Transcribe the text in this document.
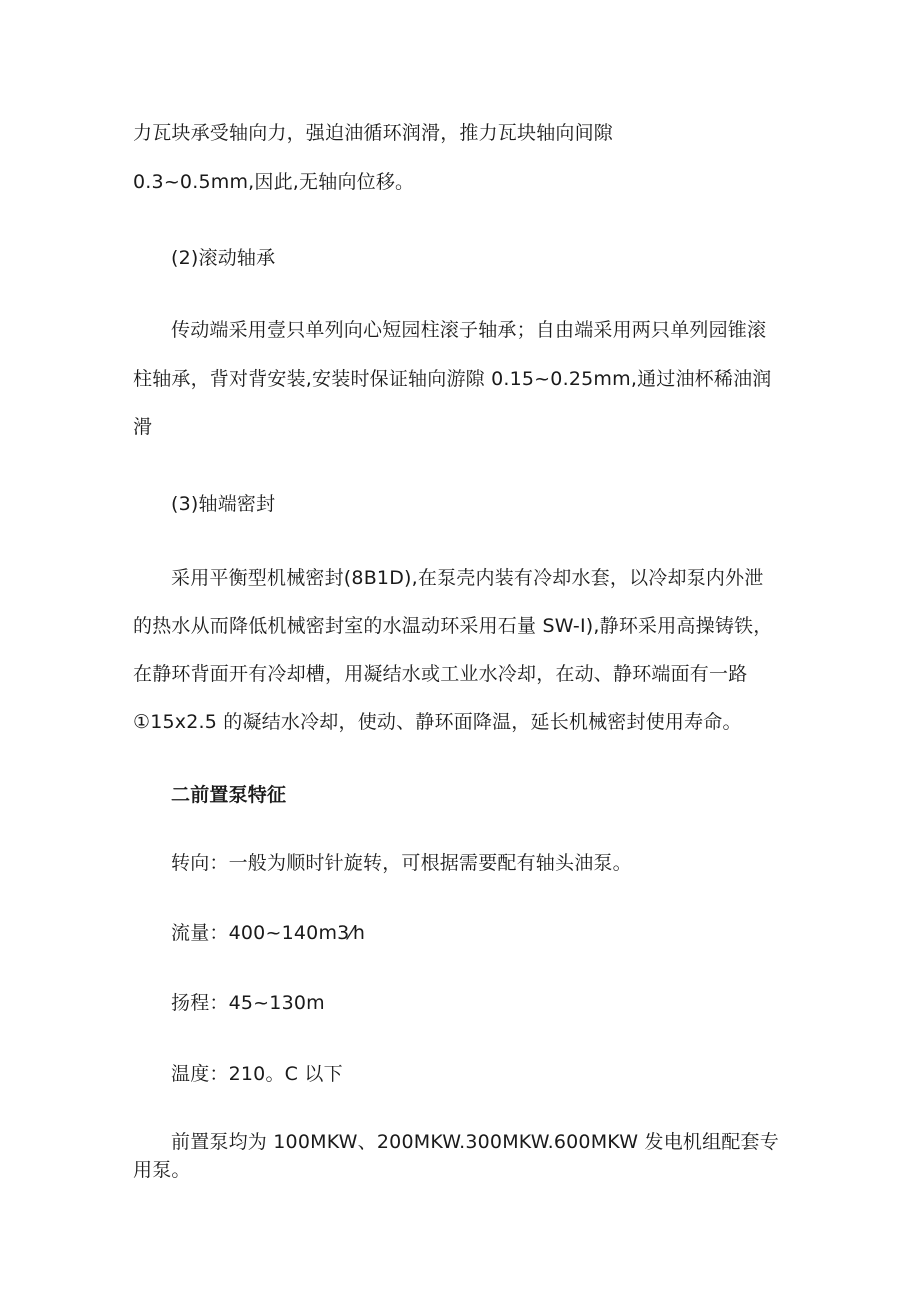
力瓦块承受轴向力，强迫油循环润滑，推力瓦块轴向间隙
0.3~0.5mm,因此,无轴向位移。
(2)滚动轴承
传动端采用壹只单列向心短园柱滚子轴承；自由端采用两只单列园锥滚
柱轴承，背对背安装,安装时保证轴向游隙 0.15~0.25mm,通过油杯稀油润
滑
(3)轴端密封
采用平衡型机械密封(8B1D),在泵壳内装有冷却水套，以冷却泵内外泄
的热水从而降低机械密封室的水温动环采用石量 SW-I),静环采用高操铸铁，
在静环背面开有冷却槽，用凝结水或工业水冷却，在动、静环端面有一路
①15x2.5 的凝结水冷却，使动、静环面降温，延长机械密封使用寿命。
二前置泵特征
转向：一般为顺时针旋转，可根据需要配有轴头油泵。
流量：400~140m3⁄h
扬程：45~130m
温度：210。C 以下
前置泵均为 100MKW、200MKW.300MKW.600MKW 发电机组配套专
用泵。
